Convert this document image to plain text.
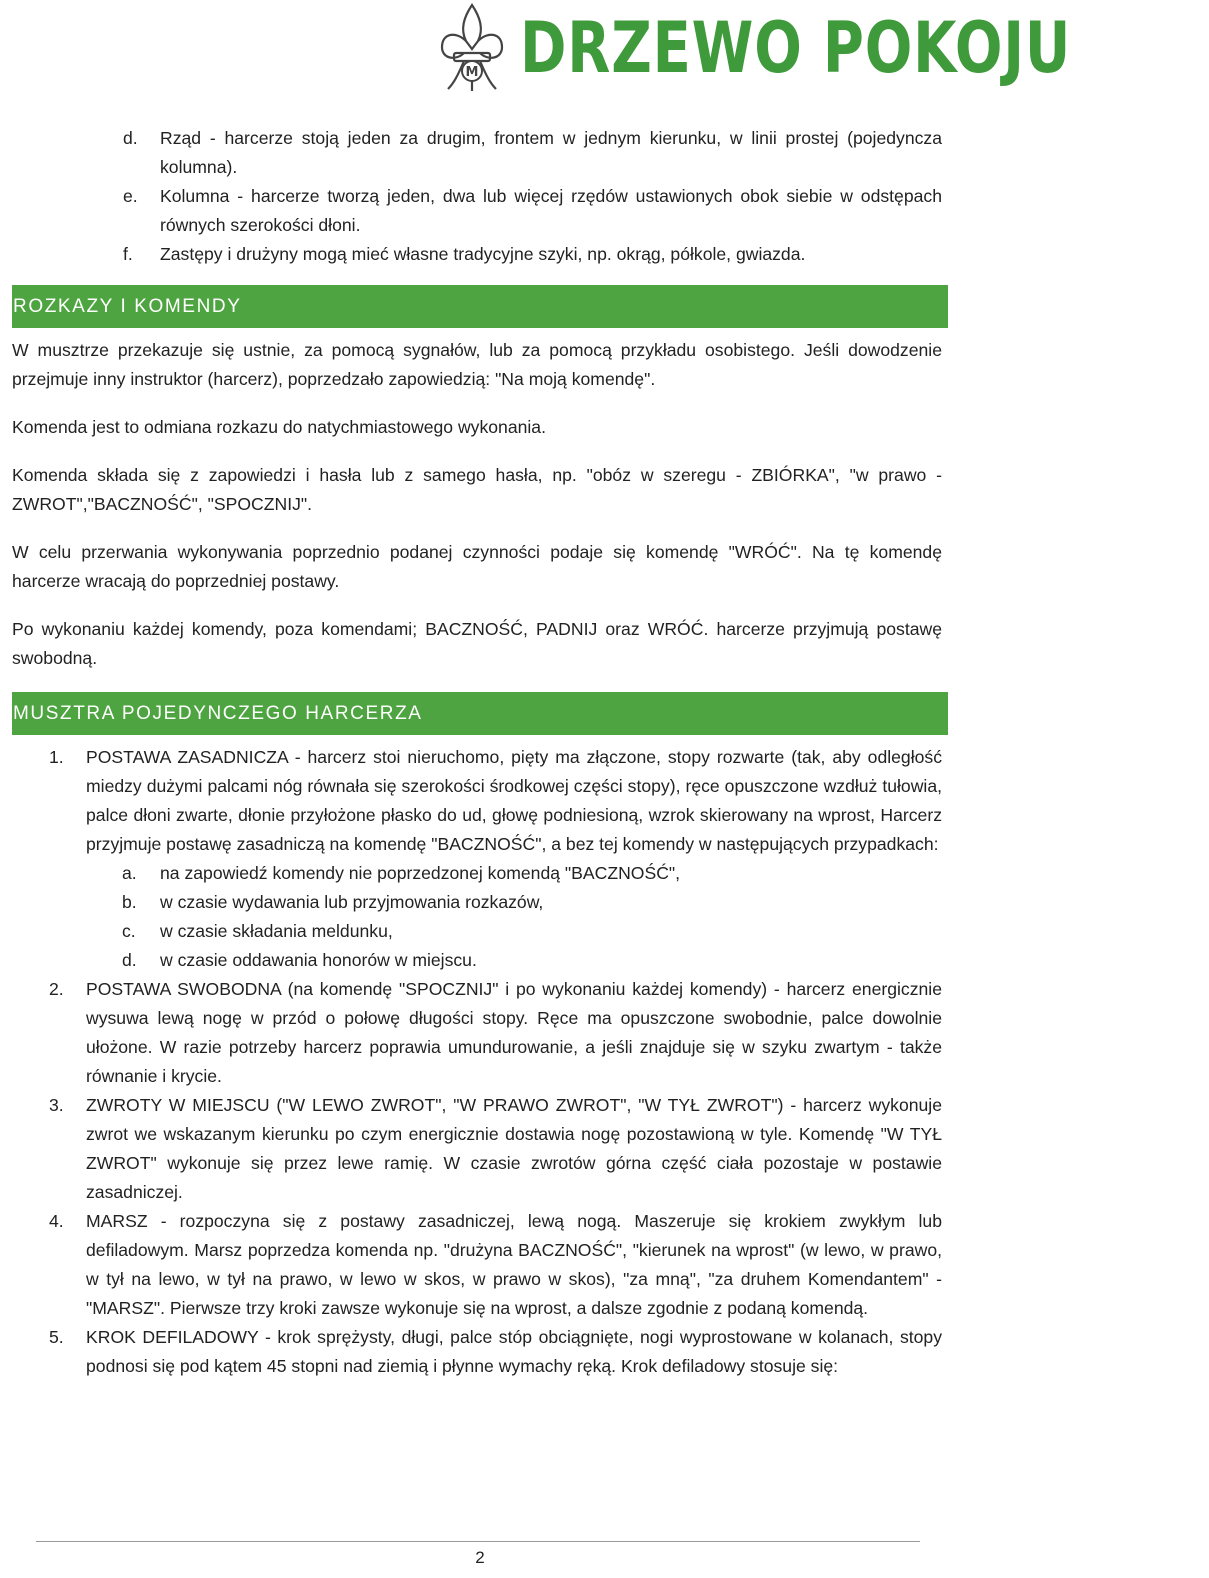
M DRZEWO POKOJU
d. Rząd - harcerze stoją jeden za drugim, frontem w jednym kierunku, w linii prostej (pojedyncza kolumna).
e. Kolumna - harcerze tworzą jeden, dwa lub więcej rzędów ustawionych obok siebie w odstępach równych szerokości dłoni.
f. Zastępy i drużyny mogą mieć własne tradycyjne szyki, np. okrąg, półkole, gwiazda.
ROZKAZY I KOMENDY

W musztrze przekazuje się ustnie, za pomocą sygnałów, lub za pomocą przykładu osobistego. Jeśli dowodzenie przejmuje inny instruktor (harcerz), poprzedzało zapowiedzią: "Na moją komendę".

Komenda jest to odmiana rozkazu do natychmiastowego wykonania.

Komenda składa się z zapowiedzi i hasła lub z samego hasła, np. "obóz w szeregu - ZBIÓRKA", "w prawo - ZWROT","BACZNOŚĆ", "SPOCZNIJ".

W celu przerwania wykonywania poprzednio podanej czynności podaje się komendę "WRÓĆ". Na tę komendę harcerze wracają do poprzedniej postawy.

Po wykonaniu każdej komendy, poza komendami; BACZNOŚĆ, PADNIJ oraz WRÓĆ. harcerze przyjmują postawę swobodną.

MUSZTRA POJEDYNCZEGO HARCERZA
1. POSTAWA ZASADNICZA - harcerz stoi nieruchomo, pięty ma złączone, stopy rozwarte (tak, aby odległość miedzy dużymi palcami nóg równała się szerokości środkowej części stopy), ręce opuszczone wzdłuż tułowia, palce dłoni zwarte, dłonie przyłożone płasko do ud, głowę podniesioną, wzrok skierowany na wprost, Harcerz przyjmuje postawę zasadniczą na komendę "BACZNOŚĆ", a bez tej komendy w następujących przypadkach:
a. na zapowiedź komendy nie poprzedzonej komendą "BACZNOŚĆ",
b. w czasie wydawania lub przyjmowania rozkazów,
c. w czasie składania meldunku,
d. w czasie oddawania honorów w miejscu.
2. POSTAWA SWOBODNA (na komendę "SPOCZNIJ" i po wykonaniu każdej komendy) - harcerz energicznie wysuwa lewą nogę w przód o połowę długości stopy. Ręce ma opuszczone swobodnie, palce dowolnie ułożone. W razie potrzeby harcerz poprawia umundurowanie, a jeśli znajduje się w szyku zwartym - także równanie i krycie.
3. ZWROTY W MIEJSCU ("W LEWO ZWROT", "W PRAWO ZWROT", "W TYŁ ZWROT") - harcerz wykonuje zwrot we wskazanym kierunku po czym energicznie dostawia nogę pozostawioną w tyle. Komendę "W TYŁ ZWROT" wykonuje się przez lewe ramię. W czasie zwrotów górna część ciała pozostaje w postawie zasadniczej.
4. MARSZ - rozpoczyna się z postawy zasadniczej, lewą nogą. Maszeruje się krokiem zwykłym lub defiladowym. Marsz poprzedza komenda np. "drużyna BACZNOŚĆ", "kierunek na wprost" (w lewo, w prawo, w tył na lewo, w tył na prawo, w lewo w skos, w prawo w skos), "za mną", "za druhem Komendantem" -"MARSZ". Pierwsze trzy kroki zawsze wykonuje się na wprost, a dalsze zgodnie z podaną komendą.
5. KROK DEFILADOWY - krok sprężysty, długi, palce stóp obciągnięte, nogi wyprostowane w kolanach, stopy podnosi się pod kątem 45 stopni nad ziemią i płynne wymachy ręką. Krok defiladowy stosuje się:
2
